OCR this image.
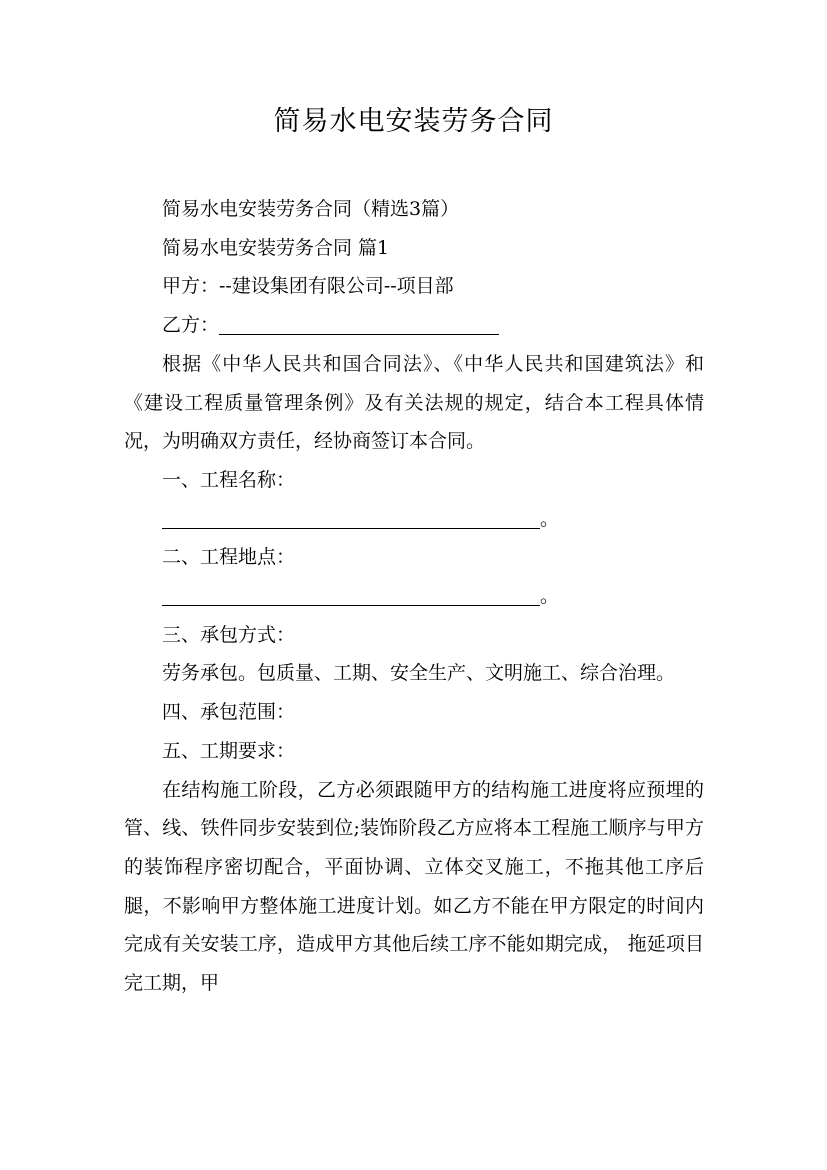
简易水电安装劳务合同

简易水电安装劳务合同（精选3篇）

简易水电安装劳务合同 篇1

甲方：--建设集团有限公司--项目部

乙方：

根据《中华人民共和国合同法》、《中华人民共和国建筑法》和《建设工程质量管理条例》及有关法规的规定，结合本工程具体情况，为明确双方责任，经协商签订本合同。

一、工程名称：

。

二、工程地点：

。

三、承包方式：

劳务承包。包质量、工期、安全生产、文明施工、综合治理。

四、承包范围：

五、工期要求：

在结构施工阶段，乙方必须跟随甲方的结构施工进度将应预埋的管、线、铁件同步安装到位;装饰阶段乙方应将本工程施工顺序与甲方的装饰程序密切配合，平面协调、立体交叉施工，不拖其他工序后腿，不影响甲方整体施工进度计划。如乙方不能在甲方限定的时间内完成有关安装工序，造成甲方其他后续工序不能如期完成， 拖延项目完工期，甲
